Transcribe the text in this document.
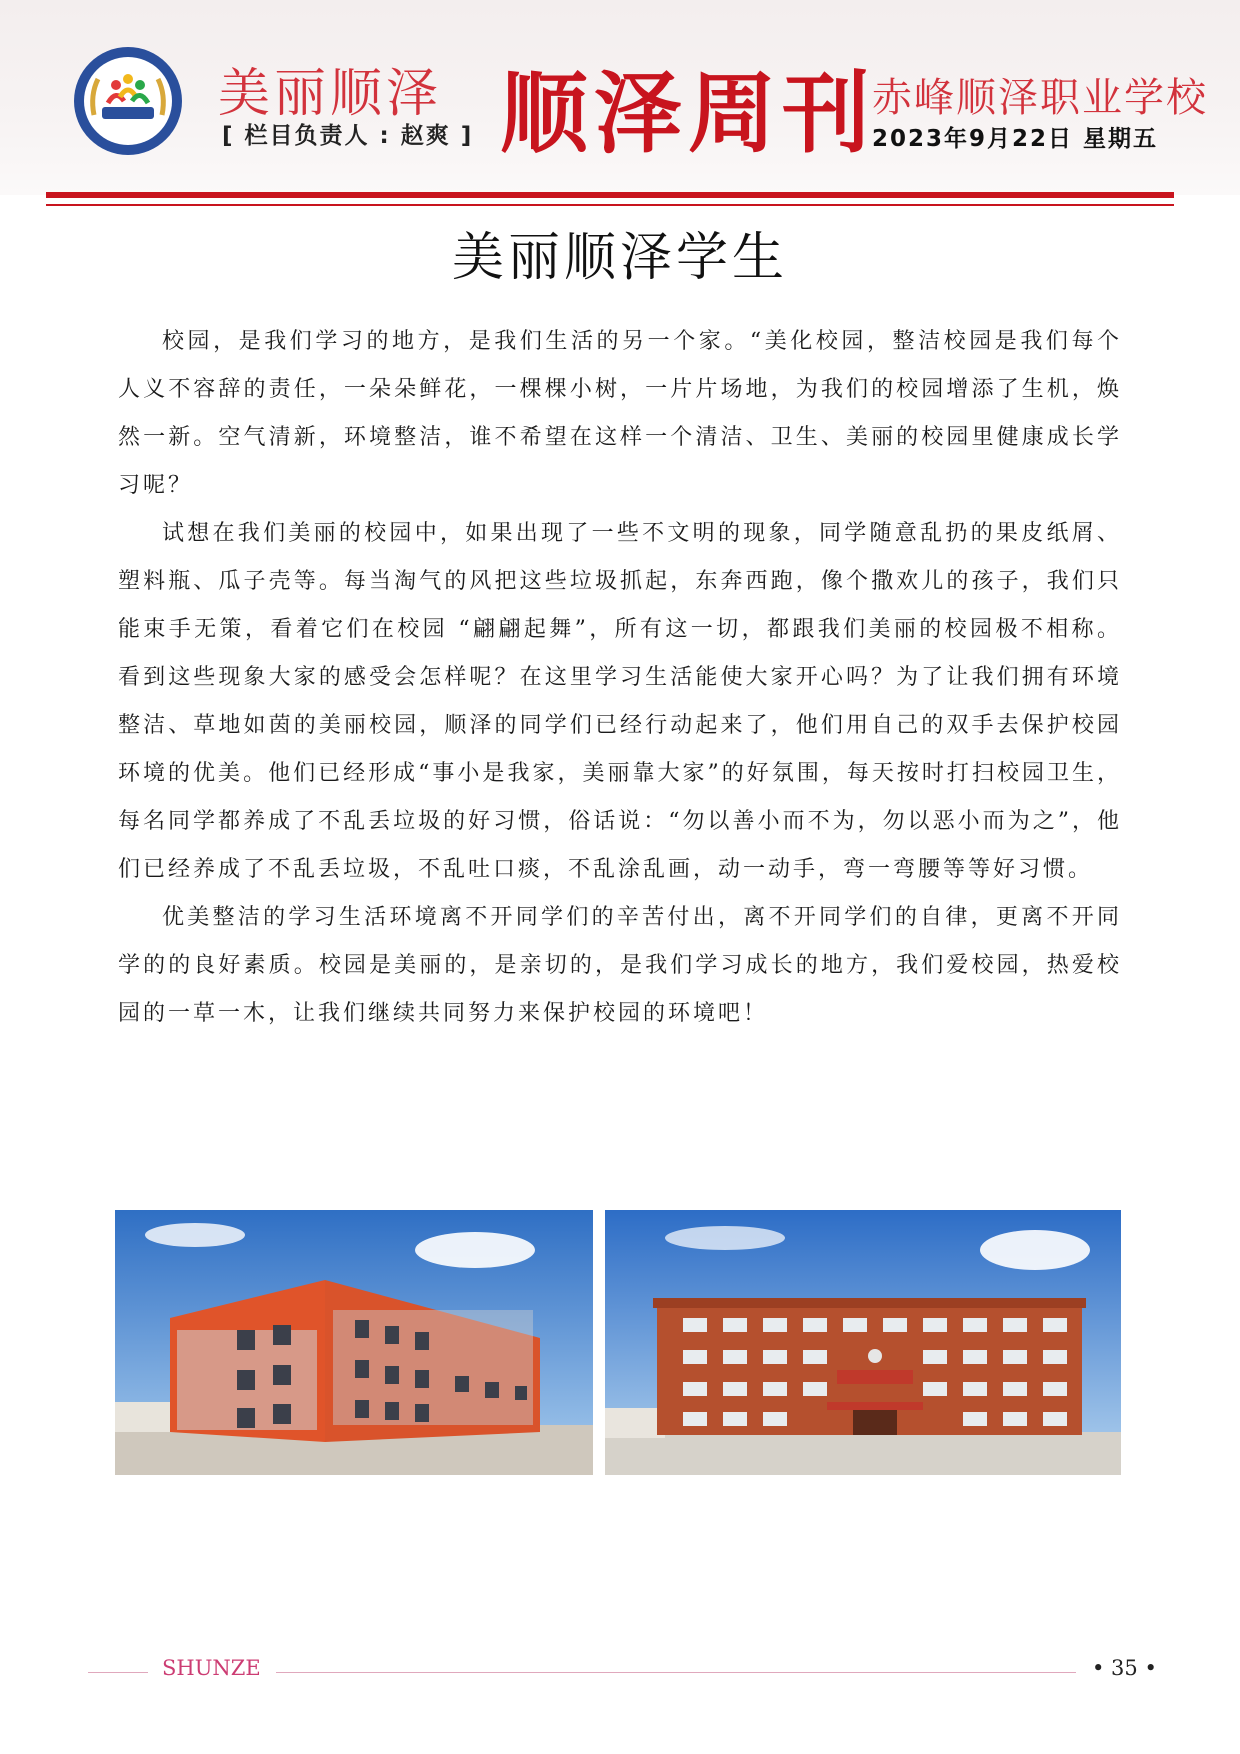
美丽顺泽
[ 栏目负责人 : 赵爽 ] 顺泽周刊
赤峰顺泽职业学校
2023年9月22日 星期五
美丽顺泽学生

校园，是我们学习的地方，是我们生活的另一个家。“美化校园，整洁校园是我们每个人义不容辞的责任，一朵朵鲜花，一棵棵小树，一片片场地，为我们的校园增添了生机，焕然一新。空气清新，环境整洁，谁不希望在这样一个清洁、卫生、美丽的校园里健康成长学习呢？

试想在我们美丽的校园中，如果出现了一些不文明的现象，同学随意乱扔的果皮纸屑、塑料瓶、瓜子壳等。每当淘气的风把这些垃圾抓起，东奔西跑，像个撒欢儿的孩子，我们只能束手无策，看着它们在校园 “翩翩起舞”，所有这一切，都跟我们美丽的校园极不相称。看到这些现象大家的感受会怎样呢？在这里学习生活能使大家开心吗？为了让我们拥有环境整洁、草地如茵的美丽校园，顺泽的同学们已经行动起来了，他们用自己的双手去保护校园环境的优美。他们已经形成“事小是我家，美丽靠大家”的好氛围，每天按时打扫校园卫生，每名同学都养成了不乱丢垃圾的好习惯，俗话说：“勿以善小而不为，勿以恶小而为之”，他们已经养成了不乱丢垃圾，不乱吐口痰，不乱涂乱画，动一动手，弯一弯腰等等好习惯。

优美整洁的学习生活环境离不开同学们的辛苦付出，离不开同学们的自律，更离不开同学的的良好素质。校园是美丽的，是亲切的，是我们学习成长的地方，我们爱校园，热爱校园的一草一木，让我们继续共同努力来保护校园的环境吧！

SHUNZE	• 35 •
